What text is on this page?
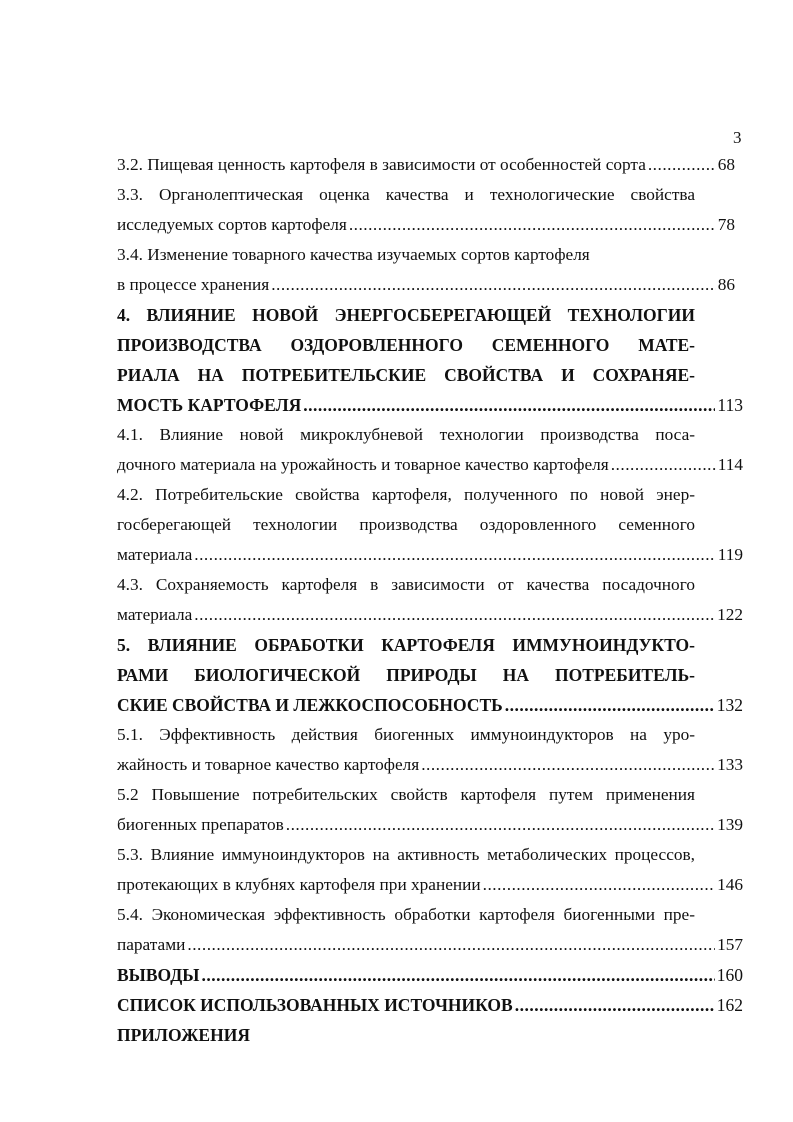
3
3.2. Пищевая ценность картофеля в зависимости от особенностей сорта .....	68
3.3. Органолептическая оценка качества и технологические свойства
исследуемых сортов картофеля .....	78
3.4. Изменение товарного качества изучаемых сортов картофеля
в процессе хранения .....	86
4. ВЛИЯНИЕ НОВОЙ ЭНЕРГОСБЕРЕГАЮЩЕЙ ТЕХНОЛОГИИ
ПРОИЗВОДСТВА ОЗДОРОВЛЕННОГО СЕМЕННОГО МАТЕ-
РИАЛА НА ПОТРЕБИТЕЛЬСКИЕ СВОЙСТВА И СОХРАНЯЕ-
МОСТЬ КАРТОФЕЛЯ .....	113
4.1. Влияние новой микроклубневой технологии производства поса-
дочного материала на урожайность и товарное качество картофеля .....	114
4.2. Потребительские свойства картофеля, полученного по новой энер-
госберегающей технологии производства оздоровленного семенного
материала .....	119
4.3. Сохраняемость картофеля в зависимости от качества посадочного
материала .....	122
5. ВЛИЯНИЕ ОБРАБОТКИ КАРТОФЕЛЯ ИММУНОИНДУКТО-
РАМИ БИОЛОГИЧЕСКОЙ ПРИРОДЫ НА ПОТРЕБИТЕЛЬ-
СКИЕ СВОЙСТВА И ЛЕЖКОСПОСОБНОСТЬ .....	132
5.1. Эффективность действия биогенных иммуноиндукторов на уро-
жайность и товарное качество картофеля .....	133
5.2 Повышение потребительских свойств картофеля путем применения
биогенных препаратов .....	139
5.3. Влияние иммуноиндукторов на активность метаболических процессов,
протекающих в клубнях картофеля при хранении .....	146
5.4. Экономическая эффективность обработки картофеля биогенными пре-
паратами .....	157
ВЫВОДЫ .....	160
СПИСОК ИСПОЛЬЗОВАННЫХ ИСТОЧНИКОВ .....	162
ПРИЛОЖЕНИЯ
